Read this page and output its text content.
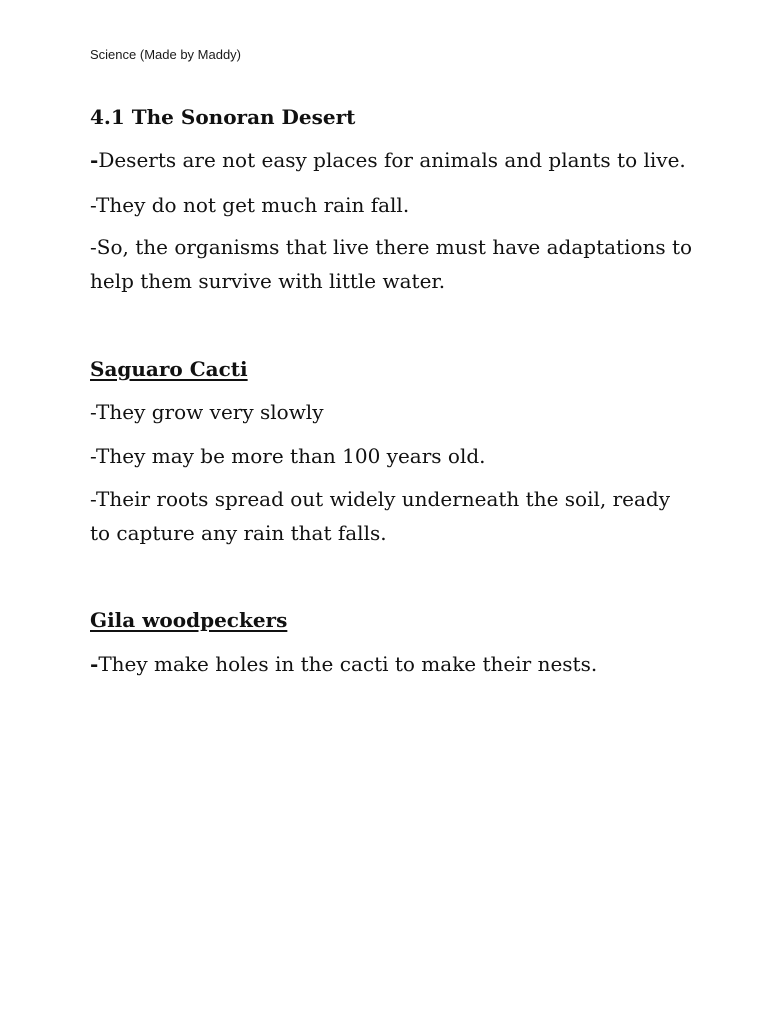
Science (Made by Maddy)

4.1 The Sonoran Desert

-Deserts are not easy places for animals and plants to live.

-They do not get much rain fall.

-So, the organisms that live there must have adaptations to

help them survive with little water.

Saguaro Cacti

-They grow very slowly

-They may be more than 100 years old.

-Their roots spread out widely underneath the soil, ready

to capture any rain that falls.

Gila woodpeckers

-They make holes in the cacti to make their nests.
